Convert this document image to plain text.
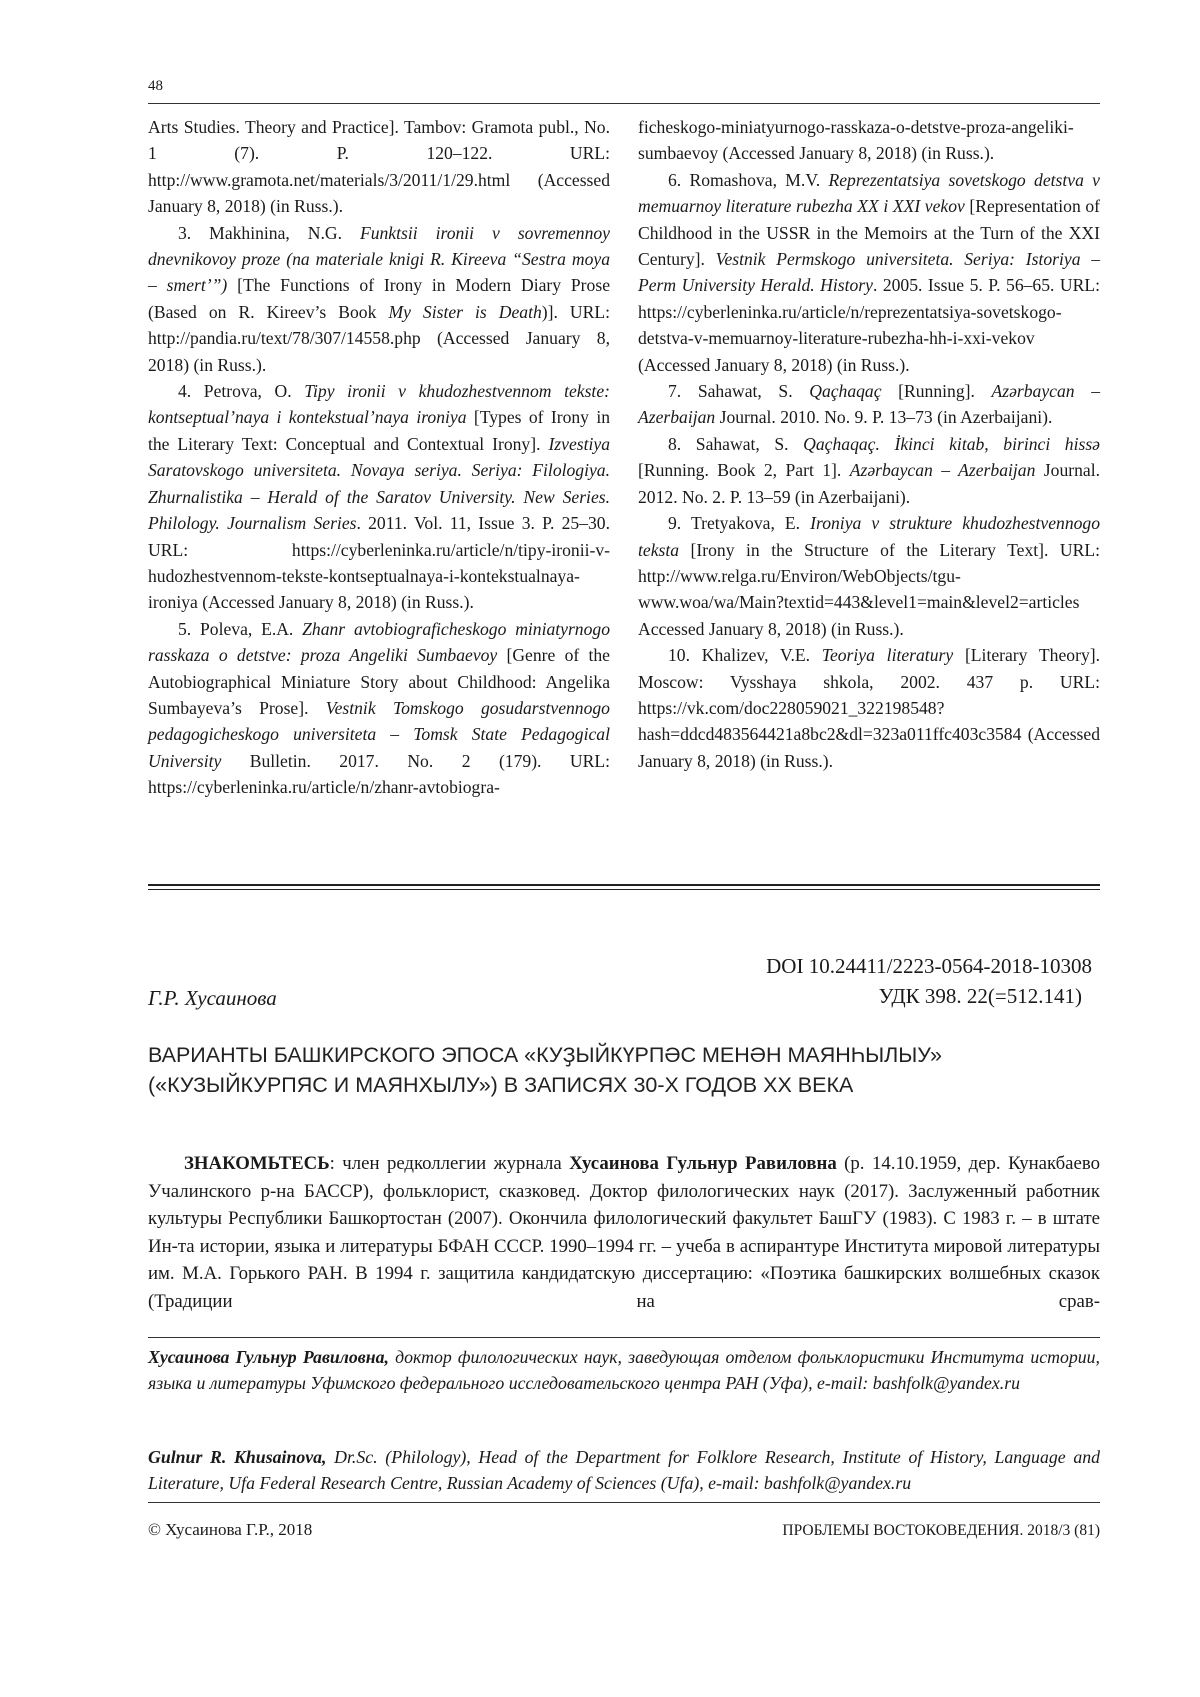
48

Arts Studies. Theory and Practice]. Tambov: Gramota publ., No. 1 (7). P. 120–122. URL: http://www.gramota.net/materials/3/2011/1/29.html (Accessed January 8, 2018) (in Russ.).

3. Makhinina, N.G. Funktsii ironii v sovremennoy dnevnikovoy proze (na materiale knigi R. Kireeva “Sestra moya – smert’”) [The Functions of Irony in Modern Diary Prose (Based on R. Kireev’s Book My Sister is Death)]. URL: http://pandia.ru/text/78/307/14558.php (Accessed January 8, 2018) (in Russ.).

4. Petrova, O. Tipy ironii v khudozhestvennom tekste: kontseptual’naya i kontekstual’naya ironiya [Types of Irony in the Literary Text: Conceptual and Contextual Irony]. Izvestiya Saratovskogo universiteta. Novaya seriya. Seriya: Filologiya. Zhurnalistika – Herald of the Saratov University. New Series. Philology. Journalism Series. 2011. Vol. 11, Issue 3. P. 25–30. URL: https://cyberleninka.ru/article/n/tipy-ironii-v-hudozhestvennom-tekste-kontseptualnaya-i-kontekstualnaya-ironiya (Accessed January 8, 2018) (in Russ.).

5. Poleva, E.A. Zhanr avtobiograficheskogo miniatyrnogo rasskaza o detstve: proza Angeliki Sumbaevoy [Genre of the Autobiographical Miniature Story about Childhood: Angelika Sumbayeva’s Prose]. Vestnik Tomskogo gosudarstvennogo pedagogicheskogo universiteta – Tomsk State Pedagogical University Bulletin. 2017. No. 2 (179). URL: https://cyberleninka.ru/article/n/zhanr-avtobiogra-

ficheskogo-miniatyurnogo-rasskaza-o-detstve-proza-angeliki-sumbaevoy (Accessed January 8, 2018) (in Russ.).

6. Romashova, M.V. Reprezentatsiya sovetskogo detstva v memuarnoy literature rubezha XX i XXI vekov [Representation of Childhood in the USSR in the Memoirs at the Turn of the XXI Century]. Vestnik Permskogo universiteta. Seriya: Istoriya – Perm University Herald. History. 2005. Issue 5. P. 56–65. URL: https://cyberleninka.ru/article/n/reprezentatsiya-sovetskogo-detstva-v-memuarnoy-literature-rubezha-hh-i-xxi-vekov (Accessed January 8, 2018) (in Russ.).

7. Sahawat, S. Qaçhaqaç [Running]. Azərbaycan – Azerbaijan Journal. 2010. No. 9. P. 13–73 (in Azerbaijani).

8. Sahawat, S. Qaçhaqaç. İkinci kitab, birinci hissə [Running. Book 2, Part 1]. Azərbaycan – Azerbaijan Journal. 2012. No. 2. P. 13–59 (in Azerbaijani).

9. Tretyakova, E. Ironiya v strukture khudozhestvennogo teksta [Irony in the Structure of the Literary Text]. URL: http://www.relga.ru/Environ/WebObjects/tgu-www.woa/wa/Main?textid=443&level1=main&level2=articles Accessed January 8, 2018) (in Russ.).

10. Khalizev, V.E. Teoriya literatury [Literary Theory]. Moscow: Vysshaya shkola, 2002. 437 p. URL: https://vk.com/doc228059021_322198548?hash=ddcd483564421a8bc2&dl=323a011ffc403c3584 (Accessed January 8, 2018) (in Russ.).

DOI 10.24411/2223-0564-2018-10308
УДК 398. 22(=512.141)
Г.Р. Хусаинова
ВАРИАНТЫ БАШКИРСКОГО ЭПОСА «КУҘЫЙКҮРПӘС МЕНӘН МАЯНҺЫЛЫУ»
(«КУЗЫЙКУРПЯС И МАЯНХЫЛУ») В ЗАПИСЯХ 30-Х ГОДОВ XX ВЕКА

ЗНАКОМЬТЕСЬ: член редколлегии журнала Хусаинова Гульнур Равиловна (р. 14.10.1959, дер. Кунакбаево Учалинского р-на БАССР), фольклорист, сказковед. Доктор филологических наук (2017). Заслуженный работник культуры Республики Башкортостан (2007). Окончила филологический факультет БашГУ (1983). С 1983 г. – в штате Ин-та истории, языка и литературы БФАН СССР. 1990–1994 гг. – учеба в аспирантуре Института мировой литературы им. М.А. Горького РАН. В 1994 г. защитила кандидатскую диссертацию: «Поэтика башкирских волшебных сказок (Традиции на срав-

Хусаинова Гульнур Равиловна, доктор филологических наук, заведующая отделом фольклористики Института истории, языка и литературы Уфимского федерального исследовательского центра РАН (Уфа), e-mail: bashfolk@yandex.ru
Gulnur R. Khusainova, Dr.Sc. (Philology), Head of the Department for Folklore Research, Institute of History, Language and Literature, Ufa Federal Research Centre, Russian Academy of Sciences (Ufa), e-mail: bashfolk@yandex.ru
© Хусаинова Г.Р., 2018	ПРОБЛЕМЫ ВОСТОКОВЕДЕНИЯ. 2018/3 (81)
